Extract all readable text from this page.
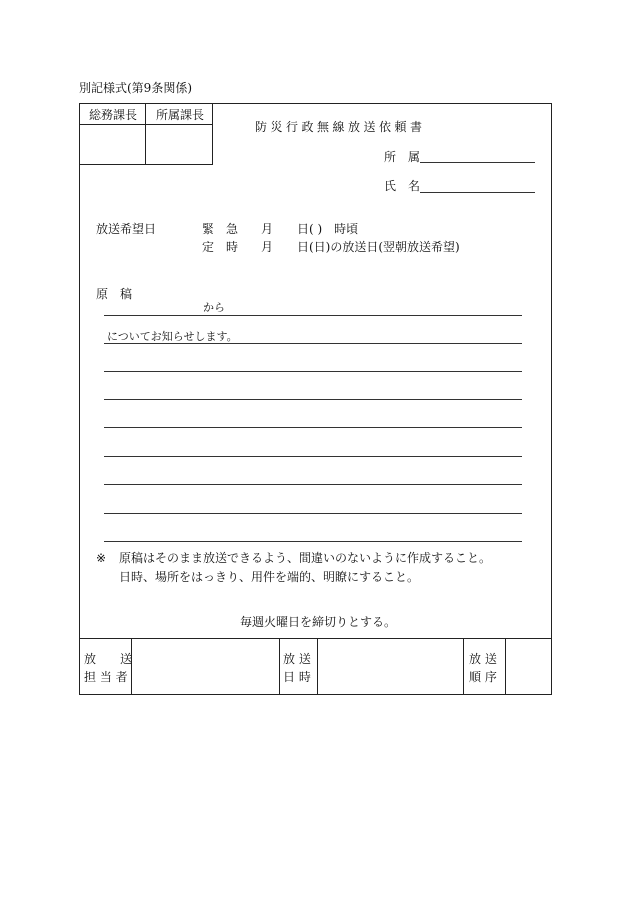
別記様式(第9条関係)
総務課長 所属課長
防災行政無線放送依頼書
所　属
氏　名
放送希望日	緊　急 月　　日( )　時頃
定　時 月　　日(日)の放送日(翌朝放送希望)
原　稿
から
についてお知らせします。
※ 原稿はそのまま放送できるよう、間違いのないように作成すること。
日時、場所をはっきり、用件を端的、明瞭にすること。
毎週火曜日を締切りとする。
放　　送
担 当 者
放 送
日 時
放 送
順 序
